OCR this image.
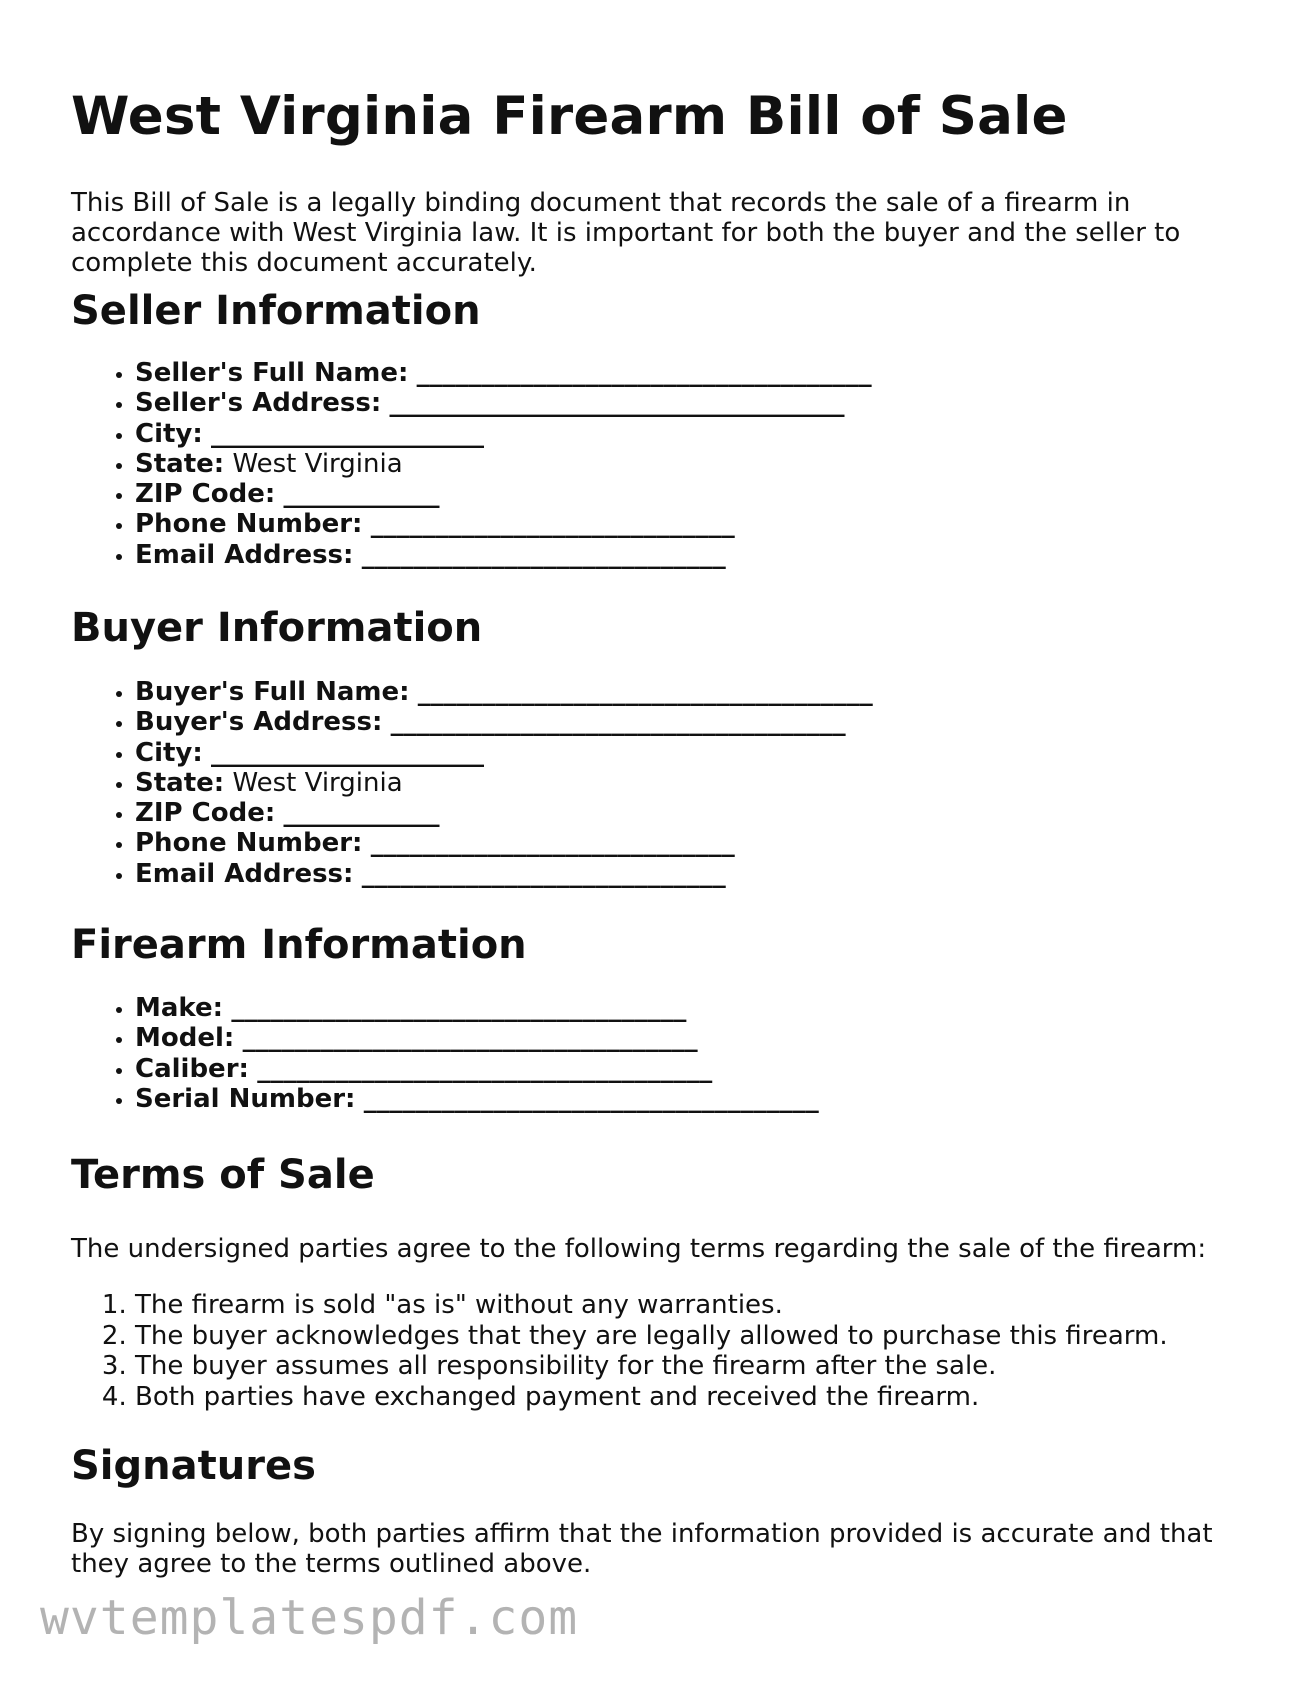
West Virginia Firearm Bill of Sale

This Bill of Sale is a legally binding document that records the sale of a firearm in accordance with West Virginia law. It is important for both the buyer and the seller to complete this document accurately.

Seller Information
• Seller's Full Name: ___________________________________
• Seller's Address: ___________________________________
• City: _____________________
• State: West Virginia
• ZIP Code: ____________
• Phone Number: ____________________________
• Email Address: ____________________________
Buyer Information
• Buyer's Full Name: ___________________________________
• Buyer's Address: ___________________________________
• City: _____________________
• State: West Virginia
• ZIP Code: ____________
• Phone Number: ____________________________
• Email Address: ____________________________
Firearm Information
• Make: ___________________________________
• Model: ___________________________________
• Caliber: ___________________________________
• Serial Number: ___________________________________
Terms of Sale

The undersigned parties agree to the following terms regarding the sale of the firearm:

1. The firearm is sold "as is" without any warranties.
2. The buyer acknowledges that they are legally allowed to purchase this firearm.
3. The buyer assumes all responsibility for the firearm after the sale.
4. Both parties have exchanged payment and received the firearm.
Signatures

By signing below, both parties affirm that the information provided is accurate and that they agree to the terms outlined above.

wvtemplatespdf.com
